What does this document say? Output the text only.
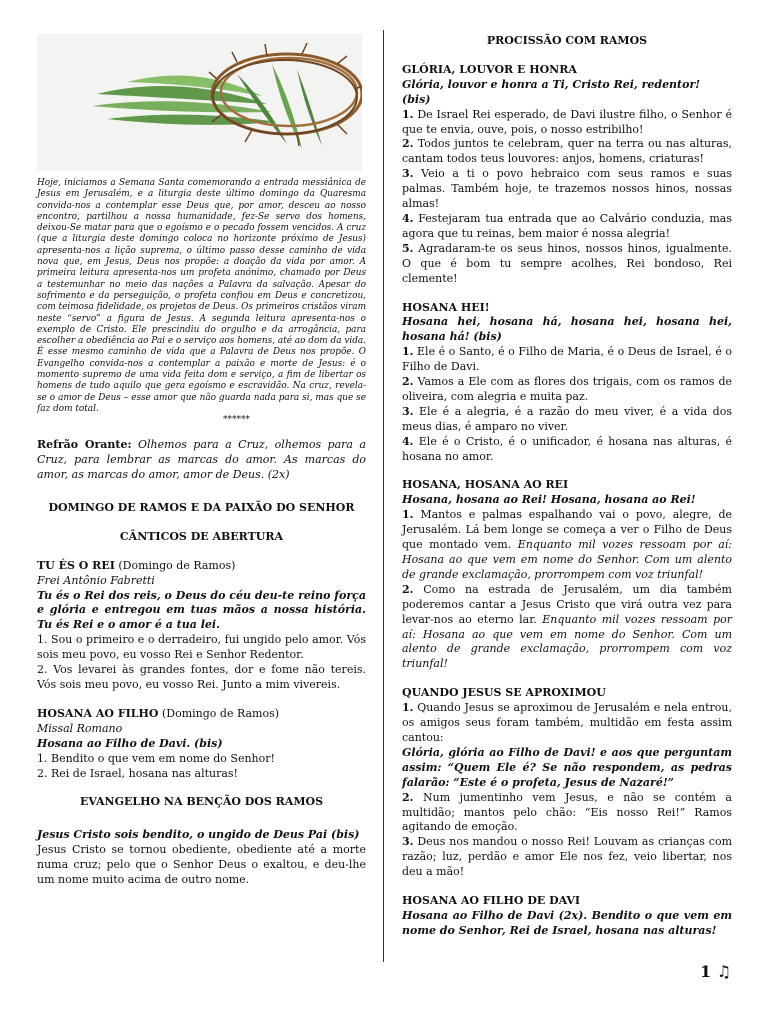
Hoje, iniciamos a Semana Santa comemorando a entrada messiânica de Jesus em Jerusalém, e a liturgia deste último domingo da Quaresma convida-nos a contemplar esse Deus que, por amor, desceu ao nosso encontro, partilhou a nossa humanidade, fez-Se servo dos homens, deixou-Se matar para que o egoísmo e o pecado fossem vencidos. A cruz (que a liturgia deste domingo coloca no horizonte próximo de Jesus) apresenta-nos a lição suprema, o último passo desse caminho de vida nova que, em Jesus, Deus nos propõe: a doação da vida por amor. A primeira leitura apresenta-nos um profeta anónimo, chamado por Deus a testemunhar no meio das nações a Palavra da salvação. Apesar do sofrimento e da perseguição, o profeta confiou em Deus e concretizou, com teimosa fidelidade, os projetos de Deus. Os primeiros cristãos viram neste “servo” a figura de Jesus. A segunda leitura apresenta-nos o exemplo de Cristo. Ele prescindiu do orgulho e da arrogância, para escolher a obediência ao Pai e o serviço aos homens, até ao dom da vida. É esse mesmo caminho de vida que a Palavra de Deus nos propõe. O Evangelho convida-nos a contemplar a paixão e morte de Jesus: é o momento supremo de uma vida feita dom e serviço, a fim de libertar os homens de tudo aquilo que gera egoísmo e escravidão. Na cruz, revela-se o amor de Deus – esse amor que não guarda nada para si, mas que se faz dom total.

******

Refrão Orante: Olhemos para a Cruz, olhemos para a Cruz, para lembrar as marcas do amor. As marcas do amor, as marcas do amor, amor de Deus. (2x)

DOMINGO DE RAMOS E DA PAIXÃO DO SENHOR

CÂNTICOS DE ABERTURA

TU ÉS O REI (Domingo de Ramos)

Frei Antônio Fabretti

Tu és o Rei dos reis, o Deus do céu deu-te reino força e glória e entregou em tuas mãos a nossa história. Tu és Rei e o amor é a tua lei.

1. Sou o primeiro e o derradeiro, fui ungido pelo amor. Vós sois meu povo, eu vosso Rei e Senhor Redentor.

2. Vos levarei às grandes fontes, dor e fome não tereis. Vós sois meu povo, eu vosso Rei. Junto a mim vivereis.

HOSANA AO FILHO (Domingo de Ramos)

Missal Romano

Hosana ao Filho de Davi. (bis)

1. Bendito o que vem em nome do Senhor!

2. Rei de Israel, hosana nas alturas!

EVANGELHO NA BENÇÃO DOS RAMOS

Jesus Cristo sois bendito, o ungido de Deus Pai (bis)

Jesus Cristo se tornou obediente, obediente até a morte numa cruz; pelo que o Senhor Deus o exaltou, e deu-lhe um nome muito acima de outro nome.

PROCISSÃO COM RAMOS

GLÓRIA, LOUVOR E HONRA

Glória, louvor e honra a Ti, Cristo Rei, redentor! (bis)

1. De Israel Rei esperado, de Davi ilustre filho, o Senhor é que te envia, ouve, pois, o nosso estribilho!

2. Todos juntos te celebram, quer na terra ou nas alturas, cantam todos teus louvores: anjos, homens, criaturas!

3. Veio a ti o povo hebraico com seus ramos e suas palmas. Também hoje, te trazemos nossos hinos, nossas almas!

4. Festejaram tua entrada que ao Calvário conduzia, mas agora que tu reinas, bem maior é nossa alegria!

5. Agradaram-te os seus hinos, nossos hinos, igualmente. O que é bom tu sempre acolhes, Rei bondoso, Rei clemente!

HOSANA HEI!

Hosana hei, hosana há, hosana hei, hosana hei, hosana há! (bis)

1. Ele é o Santo, é o Filho de Maria, é o Deus de Israel, é o Filho de Davi.

2. Vamos a Ele com as flores dos trigais, com os ramos de oliveira, com alegria e muita paz.

3. Ele é a alegria, é a razão do meu viver, é a vida dos meus dias, é amparo no viver.

4. Ele é o Cristo, é o unificador, é hosana nas alturas, é hosana no amor.

HOSANA, HOSANA AO REI

Hosana, hosana ao Rei! Hosana, hosana ao Rei!

1. Mantos e palmas espalhando vai o povo, alegre, de Jerusalém. Lá bem longe se começa a ver o Filho de Deus que montado vem. Enquanto mil vozes ressoam por aí: Hosana ao que vem em nome do Senhor. Com um alento de grande exclamação, prorrompem com voz triunfal!

2. Como na estrada de Jerusalém, um dia também poderemos cantar a Jesus Cristo que virá outra vez para levar-nos ao eterno lar. Enquanto mil vozes ressoam por aí: Hosana ao que vem em nome do Senhor. Com um alento de grande exclamação, prorrompem com voz triunfal!

QUANDO JESUS SE APROXIMOU

1. Quando Jesus se aproximou de Jerusalém e nela entrou, os amigos seus foram também, multidão em festa assim cantou:

Glória, glória ao Filho de Davi! e aos que perguntam assim: “Quem Ele é? Se não respondem, as pedras falarão: “Este é o profeta, Jesus de Nazaré!”

2. Num jumentinho vem Jesus, e não se contém a multidão; mantos pelo chão: “Eis nosso Rei!” Ramos agitando de emoção.

3. Deus nos mandou o nosso Rei! Louvam as crianças com razão; luz, perdão e amor Ele nos fez, veio libertar, nos deu a mão!

HOSANA AO FILHO DE DAVI

Hosana ao Filho de Davi (2x). Bendito o que vem em nome do Senhor, Rei de Israel, hosana nas alturas!

1 ♫
